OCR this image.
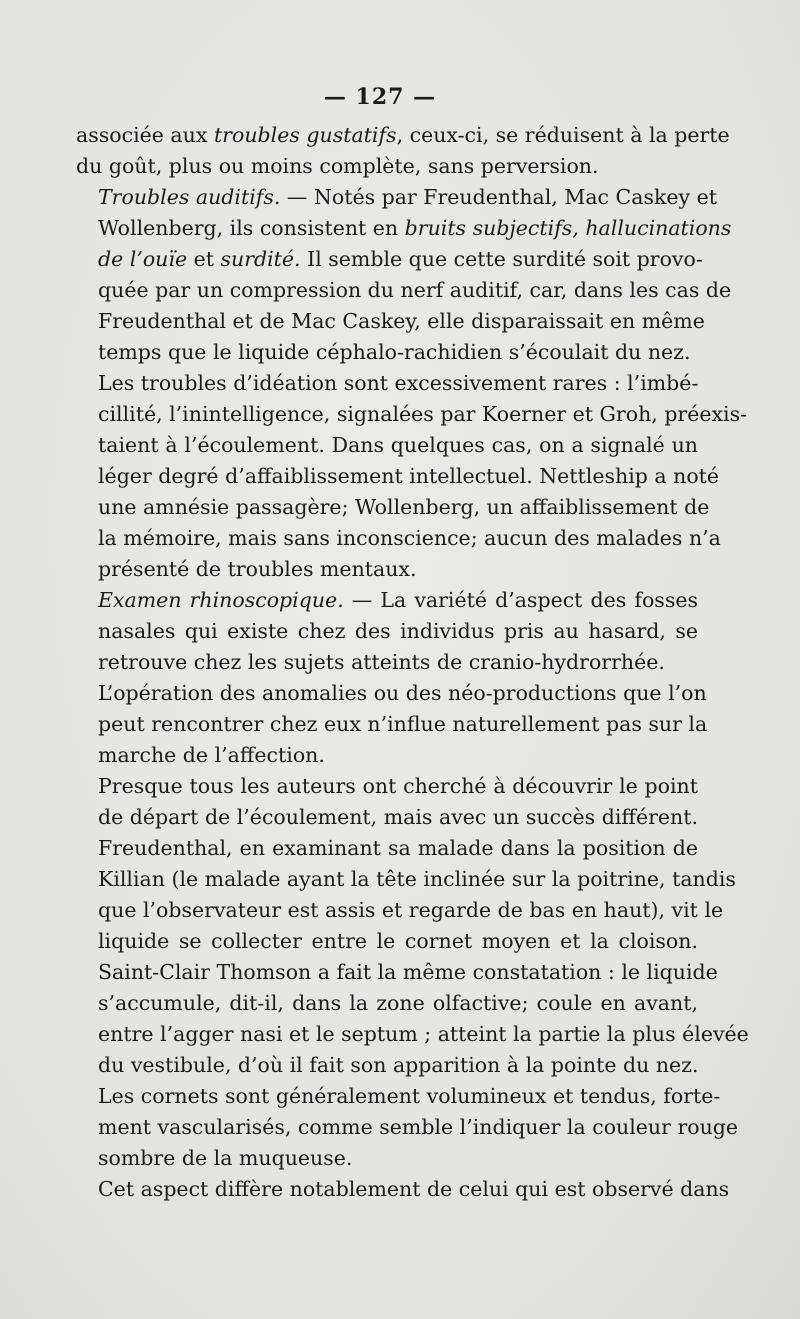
— 127 —

associée aux troubles gustatifs, ceux-ci, se réduisent à la perte
du goût, plus ou moins complète, sans perversion.

Troubles auditifs. — Notés par Freudenthal, Mac Caskey et
Wollenberg, ils consistent en bruits subjectifs, hallucinations
de l’ouïe et surdité. Il semble que cette surdité soit provo-
quée par un compression du nerf auditif, car, dans les cas de
Freudenthal et de Mac Caskey, elle disparaissait en même
temps que le liquide céphalo-rachidien s’écoulait du nez.

Les troubles d’idéation sont excessivement rares : l’imbé-
cillité, l’inintelligence, signalées par Koerner et Groh, préexis-
taient à l’écoulement. Dans quelques cas, on a signalé un
léger degré d’affaiblissement intellectuel. Nettleship a noté
une amnésie passagère; Wollenberg, un affaiblissement de
la mémoire, mais sans inconscience; aucun des malades n’a
présenté de troubles mentaux.

Examen rhinoscopique. — La variété d’aspect des fosses
nasales qui existe chez des individus pris au hasard, se
retrouve chez les sujets atteints de cranio-hydrorrhée.

L’opération des anomalies ou des néo-productions que l’on
peut rencontrer chez eux n’influe naturellement pas sur la
marche de l’affection.

Presque tous les auteurs ont cherché à découvrir le point
de départ de l’écoulement, mais avec un succès différent.
Freudenthal, en examinant sa malade dans la position de
Killian (le malade ayant la tête inclinée sur la poitrine, tandis
que l’observateur est assis et regarde de bas en haut), vit le
liquide se collecter entre le cornet moyen et la cloison.
Saint-Clair Thomson a fait la même constatation : le liquide
s’accumule, dit-il, dans la zone olfactive; coule en avant,
entre l’agger nasi et le septum ; atteint la partie la plus élevée
du vestibule, d’où il fait son apparition à la pointe du nez.

Les cornets sont généralement volumineux et tendus, forte-
ment vascularisés, comme semble l’indiquer la couleur rouge
sombre de la muqueuse.

Cet aspect diffère notablement de celui qui est observé dans
